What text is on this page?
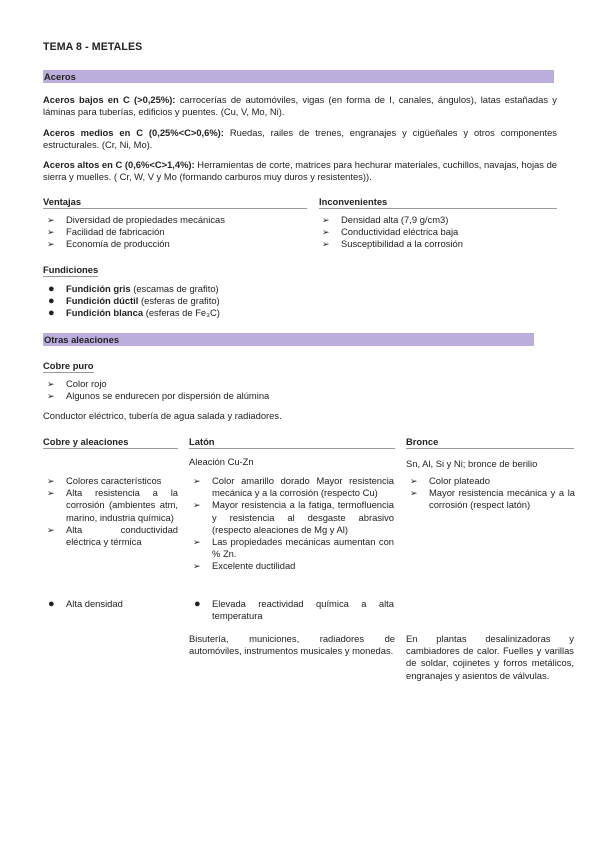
TEMA 8 - METALES
Aceros
Aceros bajos en C (>0,25%): carrocerías de automóviles, vigas (en forma de I, canales, ángulos), latas estañadas y láminas para tuberías, edificios y puentes. (Cu, V, Mo, Ni).
Aceros medios en C (0,25%<C>0,6%): Ruedas, railes de trenes, engranajes y cigüeñales y otros componentes estructurales. (Cr, Ni, Mo).
Aceros altos en C (0,6%<C>1,4%): Herramientas de corte, matrices para hechurar materiales, cuchillos, navajas, hojas de sierra y muelles. ( Cr, W, V y Mo (formando carburos muy duros y resistentes)).
Ventajas	Inconvenientes
➢ Diversidad de propiedades mecánicas
➢ Facilidad de fabricación
➢ Economía de producción
➢ Densidad alta (7,9 g/cm3)
➢ Conductividad eléctrica baja
➢ Susceptibilidad a la corrosión
Fundiciones
● Fundición gris (escamas de grafito)
● Fundición dúctil (esferas de grafito)
● Fundición blanca (esferas de Fe₃C)
Otras aleaciones
Cobre puro
➢ Color rojo
➢ Algunos se endurecen por dispersión de alúmina
Conductor eléctrico, tubería de agua salada y radiadores.
Cobre y aleaciones	Latón	Bronce
Aleación Cu-Zn	Sn, Al, Si y Ni; bronce de berilio
➢ Colores característicos
➢ Alta resistencia a la corrosión (ambientes atm, marino, industria química)
➢ Alta conductividad eléctrica y térmica
● Alta densidad
➢ Color amarillo dorado Mayor resistencia mecánica y a la corrosión (respecto Cu)
➢ Mayor resistencia a la fatiga, termofluencia y resistencia al desgaste abrasivo (respecto aleaciones de Mg y Al)
➢ Las propiedades mecánicas aumentan con % Zn.
➢ Excelente ductilidad
● Elevada reactividad química a alta temperatura
Bisutería, municiones, radiadores de automóviles, instrumentos musicales y monedas.
➢ Color plateado
➢ Mayor resistencia mecánica y a la corrosión (respect latón)
En plantas desalinizadoras y cambiadores de calor. Fuelles y varillas de soldar, cojinetes y forros metálicos, engranajes y asientos de válvulas.
